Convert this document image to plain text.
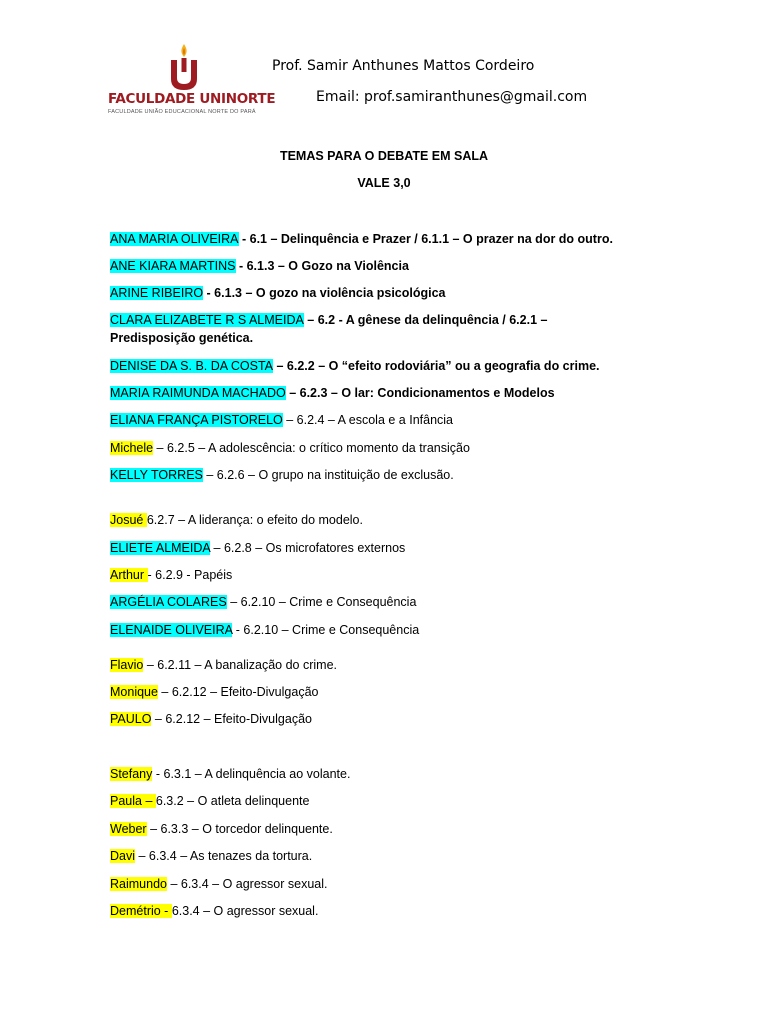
FACULDADE UNINORTE
FACULDADE UNIÃO EDUCACIONAL NORTE DO PARÁ
Prof. Samir Anthunes Mattos Cordeiro
Email: prof.samiranthunes@gmail.com
TEMAS PARA O DEBATE EM SALA
VALE 3,0
ANA MARIA OLIVEIRA - 6.1 – Delinquência e Prazer / 6.1.1 – O prazer na dor do outro.
ANE KIARA MARTINS - 6.1.3 – O Gozo na Violência
ARINE RIBEIRO - 6.1.3 – O gozo na violência psicológica
CLARA ELIZABETE R S ALMEIDA – 6.2 - A gênese da delinquência / 6.2.1 – Predisposição genética.
DENISE DA S. B. DA COSTA – 6.2.2 – O “efeito rodoviária” ou a geografia do crime.
MARIA RAIMUNDA MACHADO – 6.2.3 – O lar: Condicionamentos e Modelos
ELIANA FRANÇA PISTORELO – 6.2.4 – A escola e a Infância
Michele – 6.2.5 – A adolescência: o crítico momento da transição
KELLY TORRES – 6.2.6 – O grupo na instituição de exclusão.
Josué 6.2.7 – A liderança: o efeito do modelo.
ELIETE ALMEIDA – 6.2.8 – Os microfatores externos
Arthur - 6.2.9 - Papéis
ARGÉLIA COLARES – 6.2.10 – Crime e Consequência
ELENAIDE OLIVEIRA - 6.2.10 – Crime e Consequência
Flavio – 6.2.11 – A banalização do crime.
Monique – 6.2.12 – Efeito-Divulgação
PAULO – 6.2.12 – Efeito-Divulgação
Stefany - 6.3.1 – A delinquência ao volante.
Paula – 6.3.2 – O atleta delinquente
Weber – 6.3.3 – O torcedor delinquente.
Davi – 6.3.4 – As tenazes da tortura.
Raimundo – 6.3.4 – O agressor sexual.
Demétrio - 6.3.4 – O agressor sexual.
